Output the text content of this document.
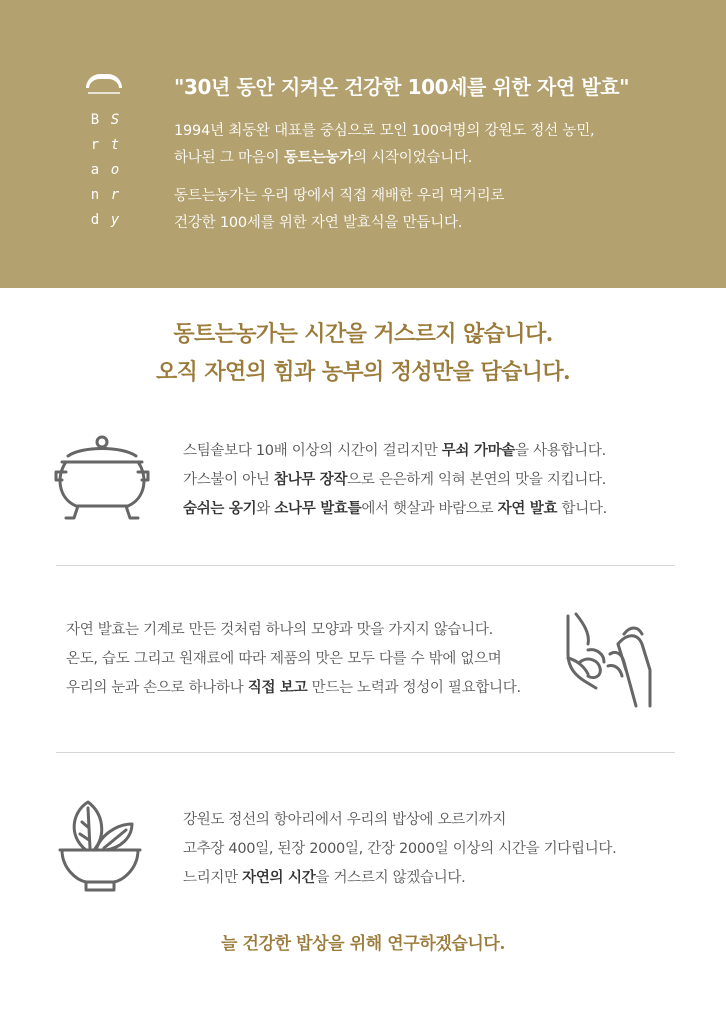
B
r
a
n
d
S
t
o
r
y
"30년 동안 지켜온 건강한 100세를 위한 자연 발효"

1994년 최동완 대표를 중심으로 모인 100여명의 강원도 정선 농민,
하나된 그 마음이 동트는농가의 시작이었습니다.

동트는농가는 우리 땅에서 직접 재배한 우리 먹거리로
건강한 100세를 위한 자연 발효식을 만듭니다.

동트는농가는 시간을 거스르지 않습니다.
오직 자연의 힘과 농부의 정성만을 담습니다.

스팀솥보다 10배 이상의 시간이 걸리지만 무쇠 가마솥을 사용합니다.
가스불이 아닌 참나무 장작으로 은은하게 익혀 본연의 맛을 지킵니다.
숨쉬는 옹기와 소나무 발효틀에서 햇살과 바람으로 자연 발효 합니다.

자연 발효는 기계로 만든 것처럼 하나의 모양과 맛을 가지지 않습니다.
온도, 습도 그리고 원재료에 따라 제품의 맛은 모두 다를 수 밖에 없으며
우리의 눈과 손으로 하나하나 직접 보고 만드는 노력과 정성이 필요합니다.

강원도 정선의 항아리에서 우리의 밥상에 오르기까지
고추장 400일, 된장 2000일, 간장 2000일 이상의 시간을 기다립니다.
느리지만 자연의 시간을 거스르지 않겠습니다.

늘 건강한 밥상을 위해 연구하겠습니다.
